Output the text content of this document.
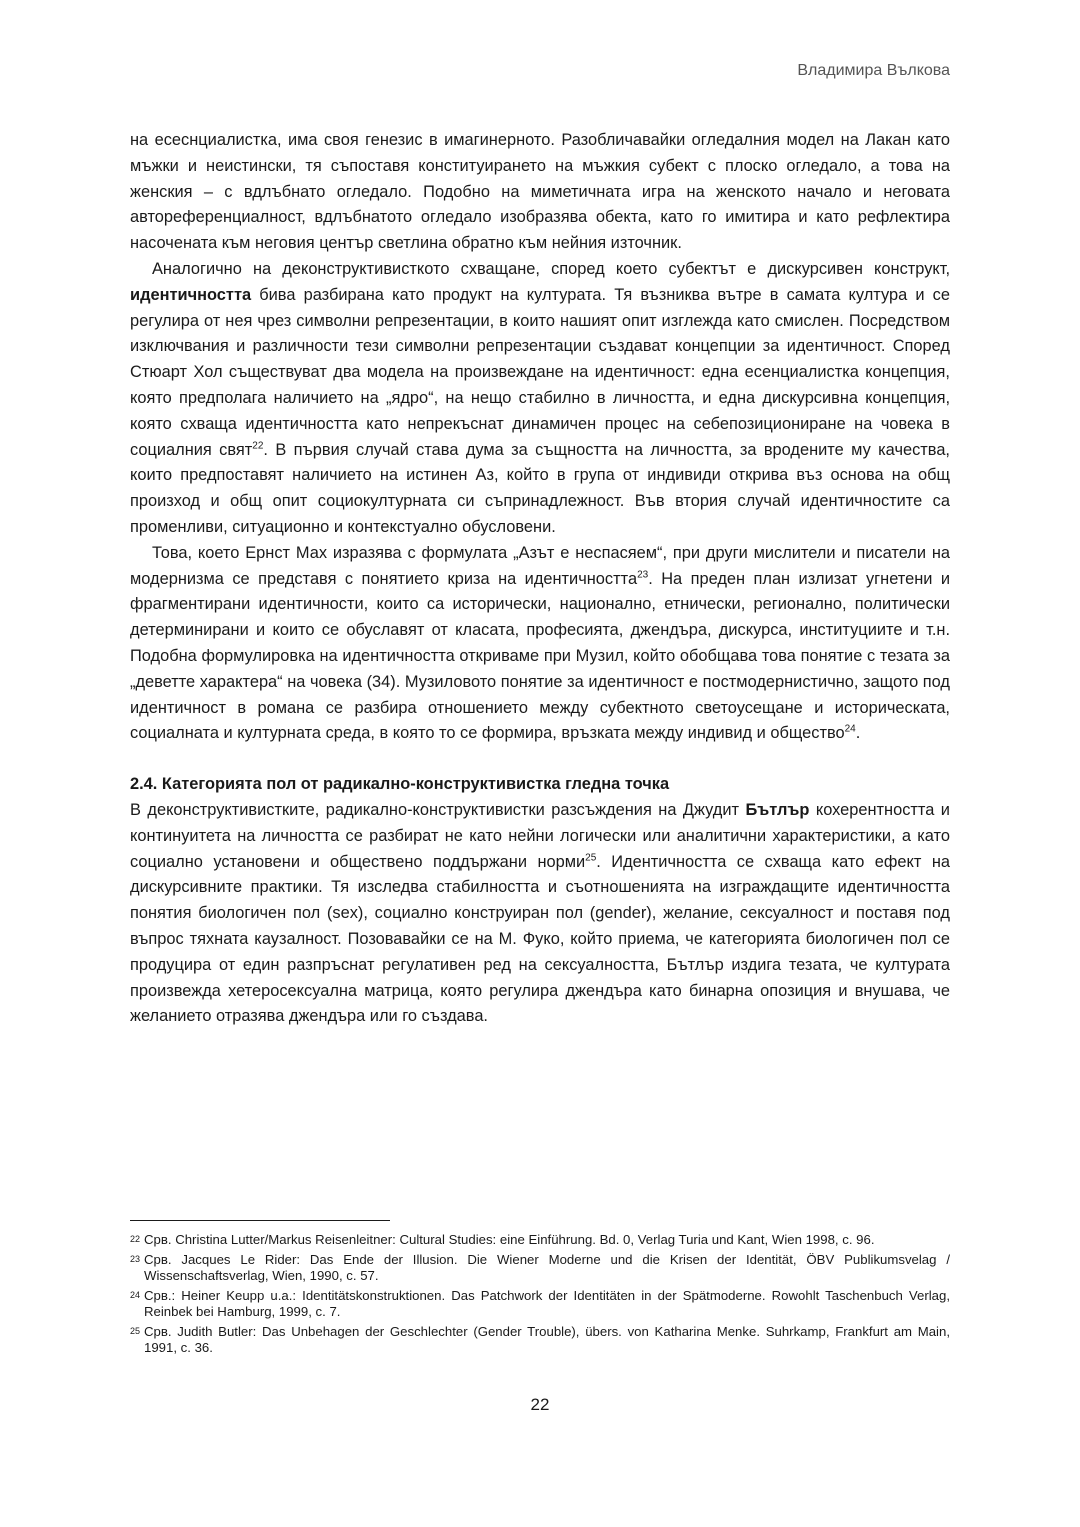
Владимира Вълкова

на есеснциалистка, има своя генезис в имагинерното. Разобличавайки огледалния модел на Лакан като мъжки и неистински, тя съпоставя конституирането на мъжкия субект с плоско огледало, а това на женския – с вдлъбнато огледало. Подобно на миметичната игра на женското начало и неговата автореференциалност, вдлъбнатото огледало изобразява обекта, като го имитира и като рефлектира насочената към неговия център светлина обратно към нейния източник.

Аналогично на деконструктивисткото схващане, според което субектът е дискурсивен конструкт, идентичността бива разбирана като продукт на културата. Тя възниква вътре в самата култура и се регулира от нея чрез символни репрезентации, в които нашият опит изглежда като смислен. Посредством изключвания и различности тези символни репрезентации създават концепции за идентичност. Според Стюарт Хол съществуват два модела на произвеждане на идентичност: една есенциалистка концепция, която предполага наличието на „ядро“, на нещо стабилно в личността, и една дискурсивна концепция, която схваща идентичността като непрекъснат динамичен процес на себепозициониране на човека в социалния свят$^{22}$. В първия случай става дума за същността на личността, за вродените му качества, които предпоставят наличието на истинен Аз, който в група от индивиди открива въз основа на общ произход и общ опит социокултурната си съпринадлежност. Във втория случай идентичностите са променливи, ситуационно и контекстуално обусловени.

Това, което Ернст Мах изразява с формулата „Азът е неспасяем“, при други мислители и писатели на модернизма се представя с понятието криза на идентичността$^{23}$. На преден план излизат угнетени и фрагментирани идентичности, които са исторически, национално, етнически, регионално, политически детерминирани и които се обуславят от класата, професията, джендъра, дискурса, институциите и т.н. Подобна формулировка на идентичността откриваме при Музил, който обобщава това понятие с тезата за „деветте характера“ на човека (34). Музиловото понятие за идентичност е постмодернистично, защото под идентичност в романа се разбира отношението между субектното светоусещане и историческата, социалната и културната среда, в която то се формира, връзката между индивид и общество$^{24}$.

2.4. Категорията пол от радикално-конструктивистка гледна точка

В деконструктивистките, радикално-конструктивистки разсъждения на Джудит Бътлър кохерентността и континуитета на личността се разбират не като нейни логически или аналитични характеристики, а като социално установени и обществено поддържани норми$^{25}$. Идентичността се схваща като ефект на дискурсивните практики. Тя изследва стабилността и съотношенията на изграждащите идентичността понятия биологичен пол (sex), социално конструиран пол (gender), желание, сексуалност и поставя под въпрос тяхната каузалност. Позовавайки се на М. Фуко, който приема, че категорията биологичен пол се продуцира от един разпръснат регулативен ред на сексуалността, Бътлър издига тезата, че културата произвежда хетеросексуална матрица, която регулира джендъра като бинарна опозиция и внушава, че желанието отразява джендъра или го създава.

22 Срв. Christina Lutter/Markus Reisenleitner: Cultural Studies: eine Einführung. Bd. 0, Verlag Turia und Kant, Wien 1998, с. 96.

23 Срв. Jacques Le Rider: Das Ende der Illusion. Die Wiener Moderne und die Krisen der Identität, ÖBV Publikumsvelag / Wissenschaftsverlag, Wien, 1990, с. 57.

24 Срв.: Heiner Keupp u.a.: Identitätskonstruktionen. Das Patchwork der Identitäten in der Spätmoderne. Rowohlt Taschenbuch Verlag, Reinbek bei Hamburg, 1999, с. 7.

25 Срв. Judith Butler: Das Unbehagen der Geschlechter (Gender Trouble), übers. von Katharina Menke. Suhrkamp, Frankfurt am Main, 1991, с. 36.

22
